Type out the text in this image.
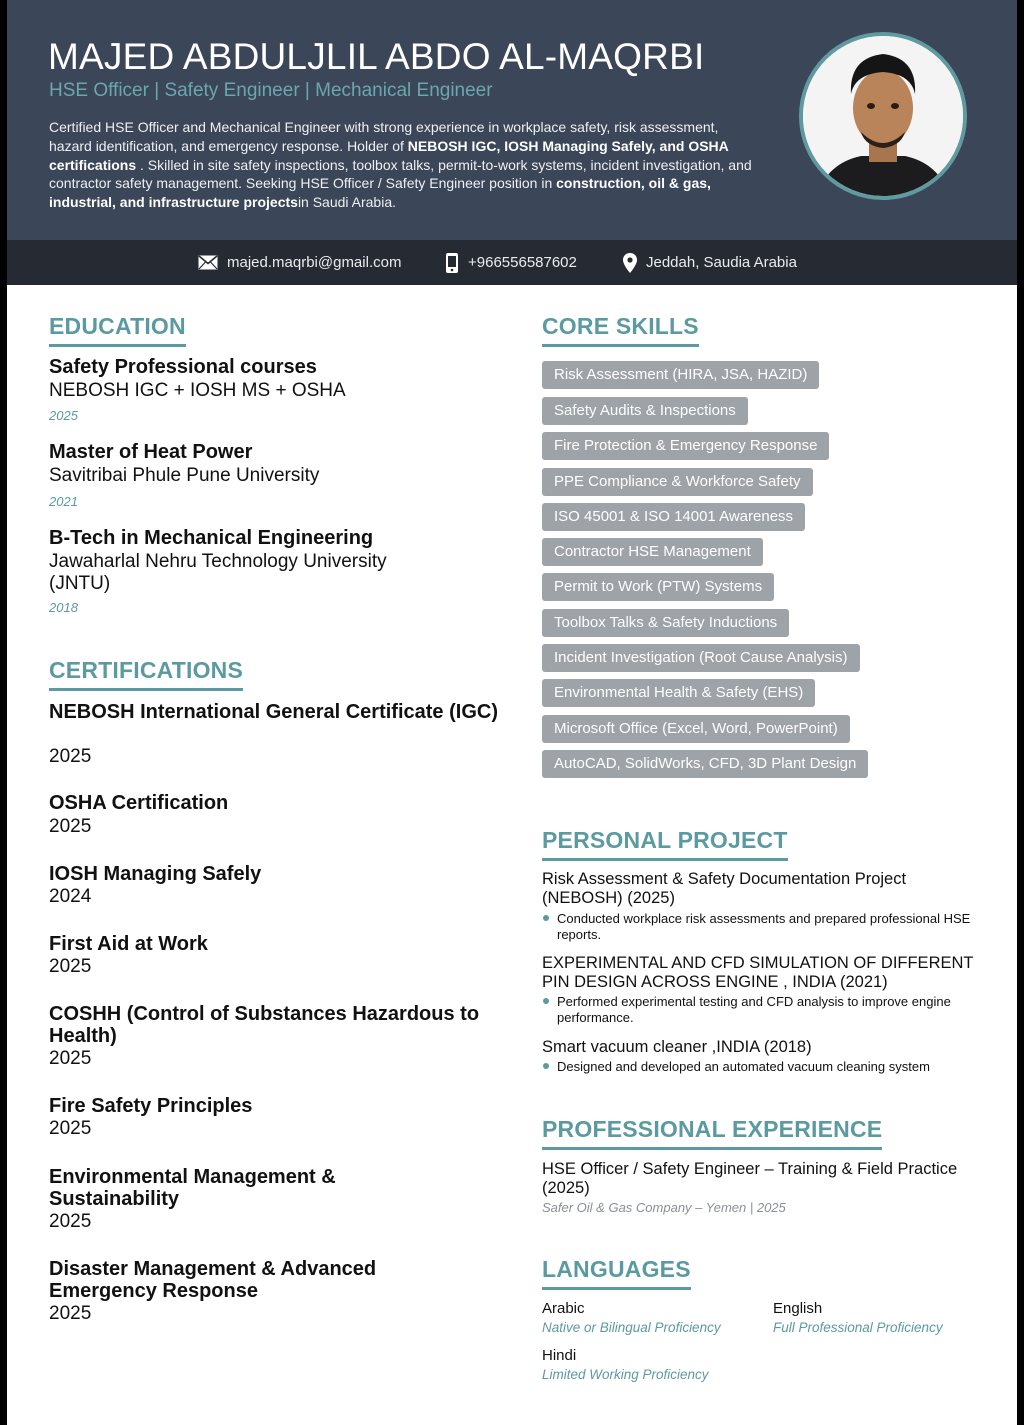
MAJED ABDULJLIL ABDO AL-MAQRBI
HSE Officer | Safety Engineer | Mechanical Engineer
Certified HSE Officer and Mechanical Engineer with strong experience in workplace safety, risk assessment, hazard identification, and emergency response. Holder of NEBOSH IGC, IOSH Managing Safely, and OSHA certifications . Skilled in site safety inspections, toolbox talks, permit-to-work systems, incident investigation, and contractor safety management. Seeking HSE Officer / Safety Engineer position in construction, oil & gas, industrial, and infrastructure projectsin Saudi Arabia.
majed.maqrbi@gmail.com	+966556587602	Jeddah, Saudia Arabia
EDUCATION
Safety Professional courses
NEBOSH IGC + IOSH MS + OSHA
2025
Master of Heat Power
Savitribai Phule Pune University
2021
B-Tech in Mechanical Engineering
Jawaharlal Nehru Technology University (JNTU)
2018
CERTIFICATIONS
NEBOSH International General Certificate (IGC)
2025
OSHA Certification
2025
IOSH Managing Safely
2024
First Aid at Work
2025
COSHH (Control of Substances Hazardous to Health)
2025
Fire Safety Principles
2025
Environmental Management & Sustainability
2025
Disaster Management & Advanced Emergency Response
2025
CORE SKILLS
Risk Assessment (HIRA, JSA, HAZID)
Safety Audits & Inspections
Fire Protection & Emergency Response
PPE Compliance & Workforce Safety
ISO 45001 & ISO 14001 Awareness
Contractor HSE Management
Permit to Work (PTW) Systems
Toolbox Talks & Safety Inductions
Incident Investigation (Root Cause Analysis)
Environmental Health & Safety (EHS)
Microsoft Office (Excel, Word, PowerPoint)
AutoCAD, SolidWorks, CFD, 3D Plant Design
PERSONAL PROJECT
Risk Assessment & Safety Documentation Project (NEBOSH) (2025)
Conducted workplace risk assessments and prepared professional HSE reports.
EXPERIMENTAL AND CFD SIMULATION OF DIFFERENT PIN DESIGN ACROSS ENGINE , INDIA (2021)
Performed experimental testing and CFD analysis to improve engine performance.
Smart vacuum cleaner ,INDIA (2018)
Designed and developed an automated vacuum cleaning system
PROFESSIONAL EXPERIENCE
HSE Officer / Safety Engineer – Training & Field Practice (2025)
Safer Oil & Gas Company – Yemen | 2025
LANGUAGES
Arabic
Native or Bilingual Proficiency
English
Full Professional Proficiency
Hindi
Limited Working Proficiency
